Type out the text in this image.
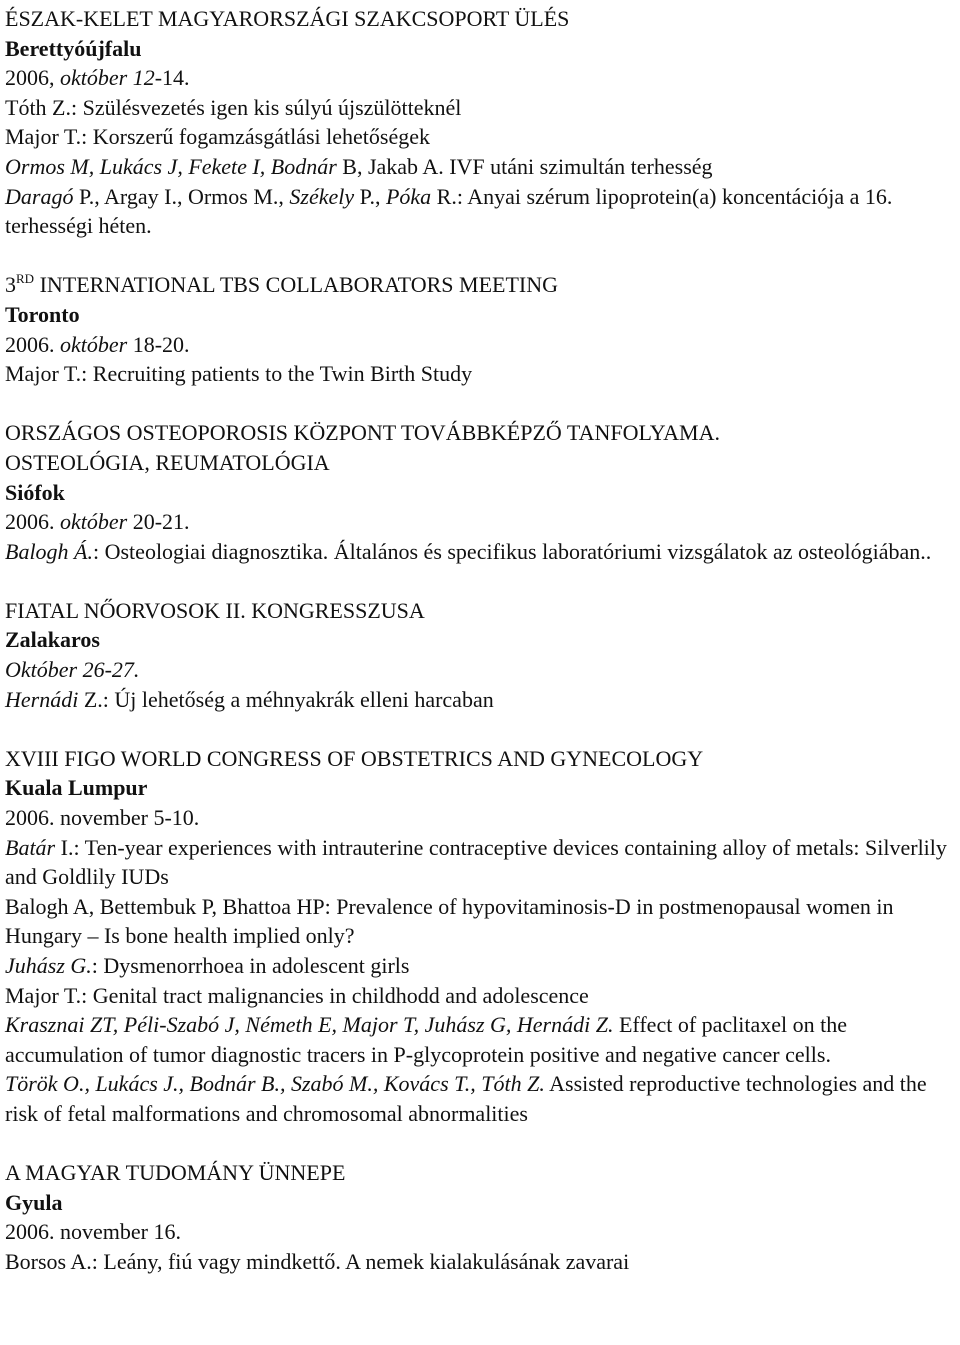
ÉSZAK-KELET MAGYARORSZÁGI SZAKCSOPORT ÜLÉS
Berettyóújfalu
2006, október 12-14.
Tóth Z.: Szülésvezetés igen kis súlyú újszülötteknél
Major T.: Korszerű fogamzásgátlási lehetőségek
Ormos M, Lukács J, Fekete I, Bodnár B, Jakab A. IVF utáni szimultán terhesség
Daragó P., Argay I., Ormos M., Székely P., Póka R.: Anyai szérum lipoprotein(a) koncentációja a 16. terhességi héten.
3RD INTERNATIONAL TBS COLLABORATORS MEETING
Toronto
2006. október 18-20.
Major T.: Recruiting patients to the Twin Birth Study
ORSZÁGOS OSTEOPOROSIS KÖZPONT TOVÁBBKÉPZŐ TANFOLYAMA.
OSTEOLÓGIA, REUMATOLÓGIA
Siófok
2006. október 20-21.
Balogh Á.: Osteologiai diagnosztika. Általános és specifikus laboratóriumi vizsgálatok az osteológiában..
FIATAL NŐORVOSOK II. KONGRESSZUSA
Zalakaros
Október 26-27.
Hernádi Z.: Új lehetőség a méhnyakrák elleni harcaban
XVIII FIGO WORLD CONGRESS OF OBSTETRICS AND GYNECOLOGY
Kuala Lumpur
2006. november 5-10.
Batár I.: Ten-year experiences with intrauterine contraceptive devices containing alloy of metals: Silverlily and Goldlily IUDs
Balogh A, Bettembuk P, Bhattoa HP: Prevalence of hypovitaminosis-D in postmenopausal women in Hungary – Is bone health implied only?
Juhász G.: Dysmenorrhoea in adolescent girls
Major T.: Genital tract malignancies in childhodd and adolescence
Krasznai ZT, Péli-Szabó J, Németh E, Major T, Juhász G, Hernádi Z. Effect of paclitaxel on the accumulation of tumor diagnostic tracers in P-glycoprotein positive and negative cancer cells.
Török O., Lukács J., Bodnár B., Szabó M., Kovács T., Tóth Z. Assisted reproductive technologies and the risk of fetal malformations and chromosomal abnormalities
A MAGYAR TUDOMÁNY ÜNNEPE
Gyula
2006. november 16.
Borsos A.: Leány, fiú vagy mindkettő. A nemek kialakulásának zavarai
